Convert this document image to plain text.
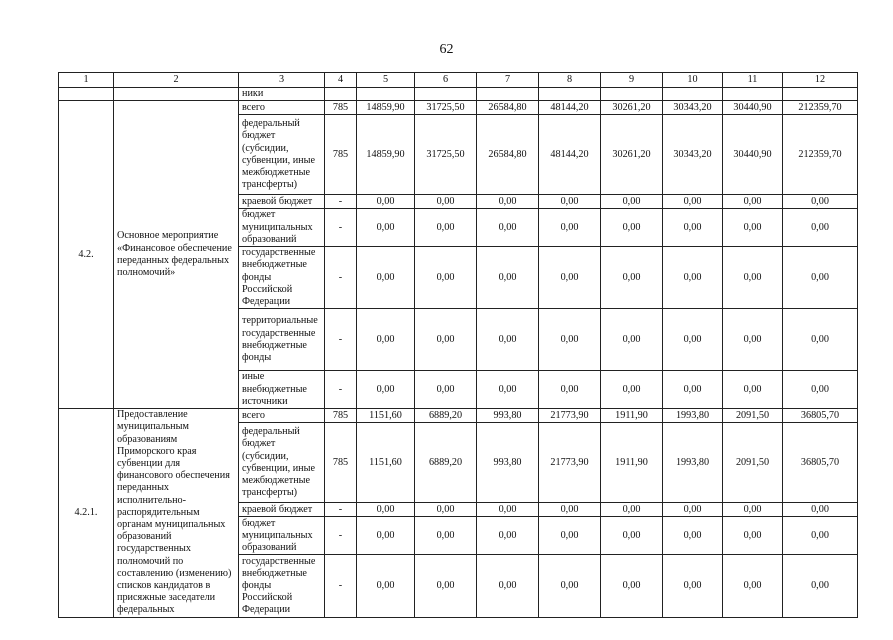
62
1	2	3	4	5	6	7	8	9	10	11	12
		ники									
4.2.	Основное мероприятие «Финансовое обеспечение переданных федеральных полномочий»	всего	785	14859,90	31725,50	26584,80	48144,20	30261,20	30343,20	30440,90	212359,70
		федеральный бюджет (субсидии, субвенции, иные межбюджетные трансферты)	785	14859,90	31725,50	26584,80	48144,20	30261,20	30343,20	30440,90	212359,70
		краевой бюджет	-	0,00	0,00	0,00	0,00	0,00	0,00	0,00	0,00
		бюджет муниципальных образований	-	0,00	0,00	0,00	0,00	0,00	0,00	0,00	0,00
		государственные внебюджетные фонды Российской Федерации	-	0,00	0,00	0,00	0,00	0,00	0,00	0,00	0,00
		территориальные государственные внебюджетные фонды	-	0,00	0,00	0,00	0,00	0,00	0,00	0,00	0,00
		иные внебюджетные источники	-	0,00	0,00	0,00	0,00	0,00	0,00	0,00	0,00
4.2.1.	Предоставление муниципальным образованиям Приморского края субвенции для финансового обеспечения переданных исполнительно-распорядительным органам муниципальных образований государственных полномочий по составлению (изменению) списков кандидатов в присяжные заседатели федеральных	всего	785	1151,60	6889,20	993,80	21773,90	1911,90	1993,80	2091,50	36805,70
		федеральный бюджет (субсидии, субвенции, иные межбюджетные трансферты)	785	1151,60	6889,20	993,80	21773,90	1911,90	1993,80	2091,50	36805,70
		краевой бюджет	-	0,00	0,00	0,00	0,00	0,00	0,00	0,00	0,00
		бюджет муниципальных образований	-	0,00	0,00	0,00	0,00	0,00	0,00	0,00	0,00
		государственные внебюджетные фонды Российской Федерации	-	0,00	0,00	0,00	0,00	0,00	0,00	0,00	0,00
